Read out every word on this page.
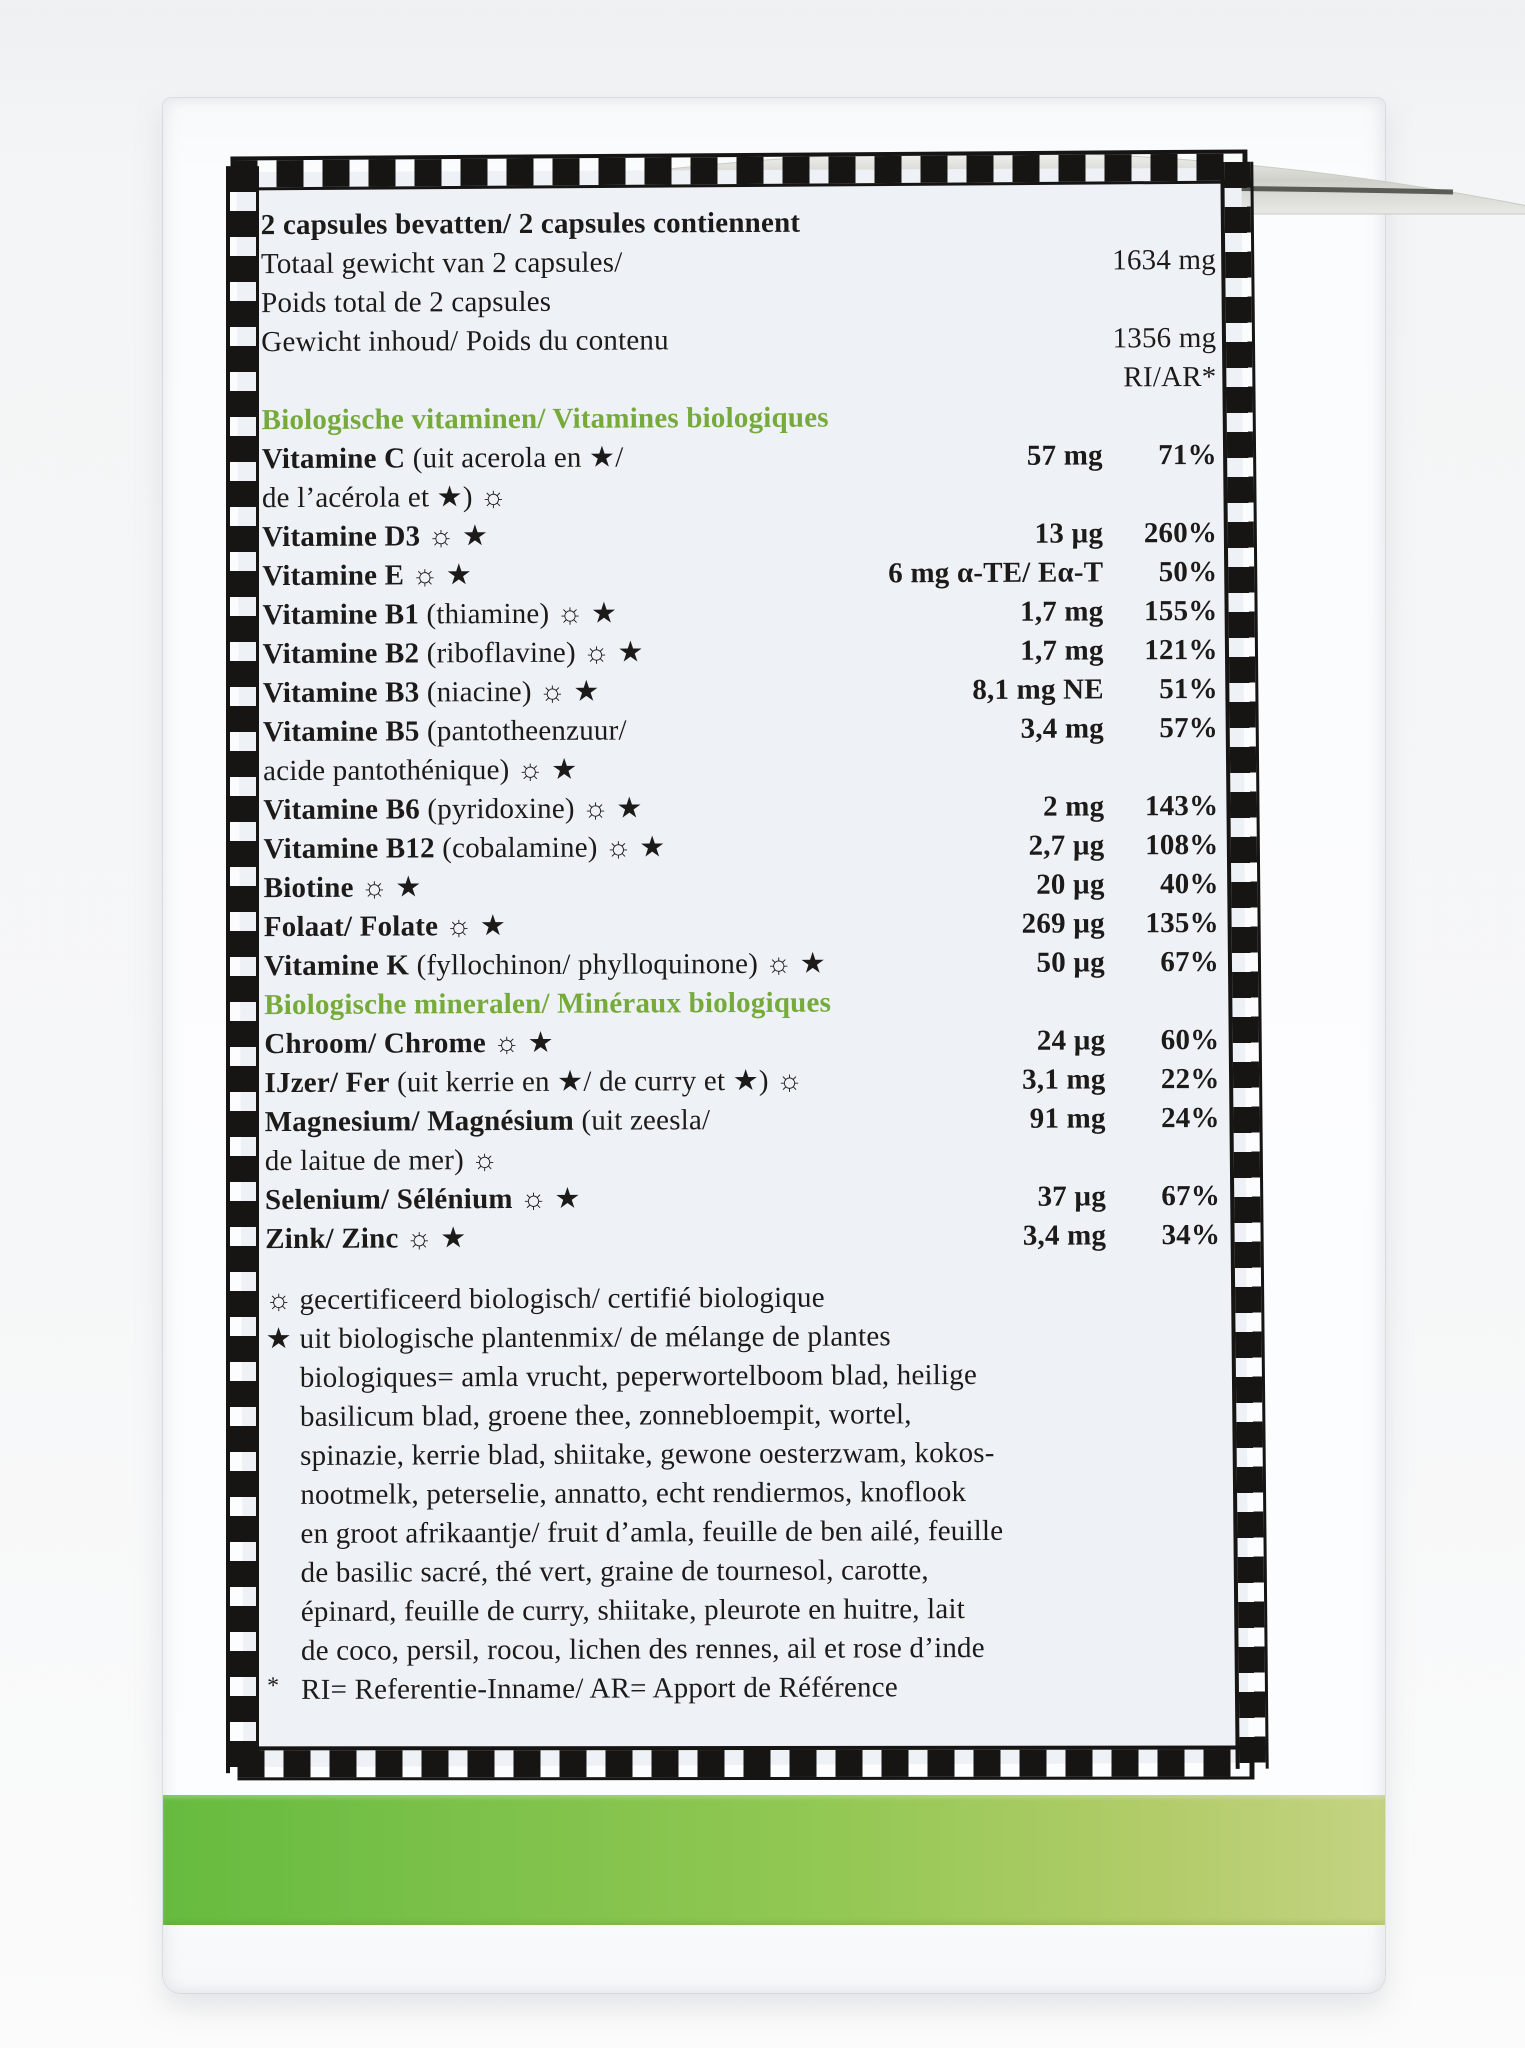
2 capsules bevatten/ 2 capsules contiennent
Totaal gewicht van 2 capsules/	1634 mg
Poids total de 2 capsules
Gewicht inhoud/ Poids du contenu	1356 mg
RI/AR*
Biologische vitaminen/ Vitamines biologiques
Vitamine C (uit acerola en ★/	57 mg	71%
de l’acérola et ★) ☼
Vitamine D3 ☼ ★	13 µg	260%
Vitamine E ☼ ★	6 mg α-TE/ Eα-T	50%
Vitamine B1 (thiamine) ☼ ★	1,7 mg	155%
Vitamine B2 (riboflavine) ☼ ★	1,7 mg	121%
Vitamine B3 (niacine) ☼ ★	8,1 mg NE	51%
Vitamine B5 (pantotheenzuur/	3,4 mg	57%
acide pantothénique) ☼ ★
Vitamine B6 (pyridoxine) ☼ ★	2 mg	143%
Vitamine B12 (cobalamine) ☼ ★	2,7 µg	108%
Biotine ☼ ★	20 µg	40%
Folaat/ Folate ☼ ★	269 µg	135%
Vitamine K (fyllochinon/ phylloquinone) ☼ ★	50 µg	67%
Biologische mineralen/ Minéraux biologiques
Chroom/ Chrome ☼ ★	24 µg	60%
IJzer/ Fer (uit kerrie en ★/ de curry et ★) ☼	3,1 mg	22%
Magnesium/ Magnésium (uit zeesla/	91 mg	24%
de laitue de mer) ☼
Selenium/ Sélénium ☼ ★	37 µg	67%
Zink/ Zinc ☼ ★	3,4 mg	34%
☼ gecertificeerd biologisch/ certifié biologique
★ uit biologische plantenmix/ de mélange de plantes
biologiques= amla vrucht, peperwortelboom blad, heilige
basilicum blad, groene thee, zonnebloempit, wortel,
spinazie, kerrie blad, shiitake, gewone oesterzwam, kokos-
nootmelk, peterselie, annatto, echt rendiermos, knoflook
en groot afrikaantje/ fruit d’amla, feuille de ben ailé, feuille
de basilic sacré, thé vert, graine de tournesol, carotte,
épinard, feuille de curry, shiitake, pleurote en huitre, lait
de coco, persil, rocou, lichen des rennes, ail et rose d’inde
* RI= Referentie-Inname/ AR= Apport de Référence
